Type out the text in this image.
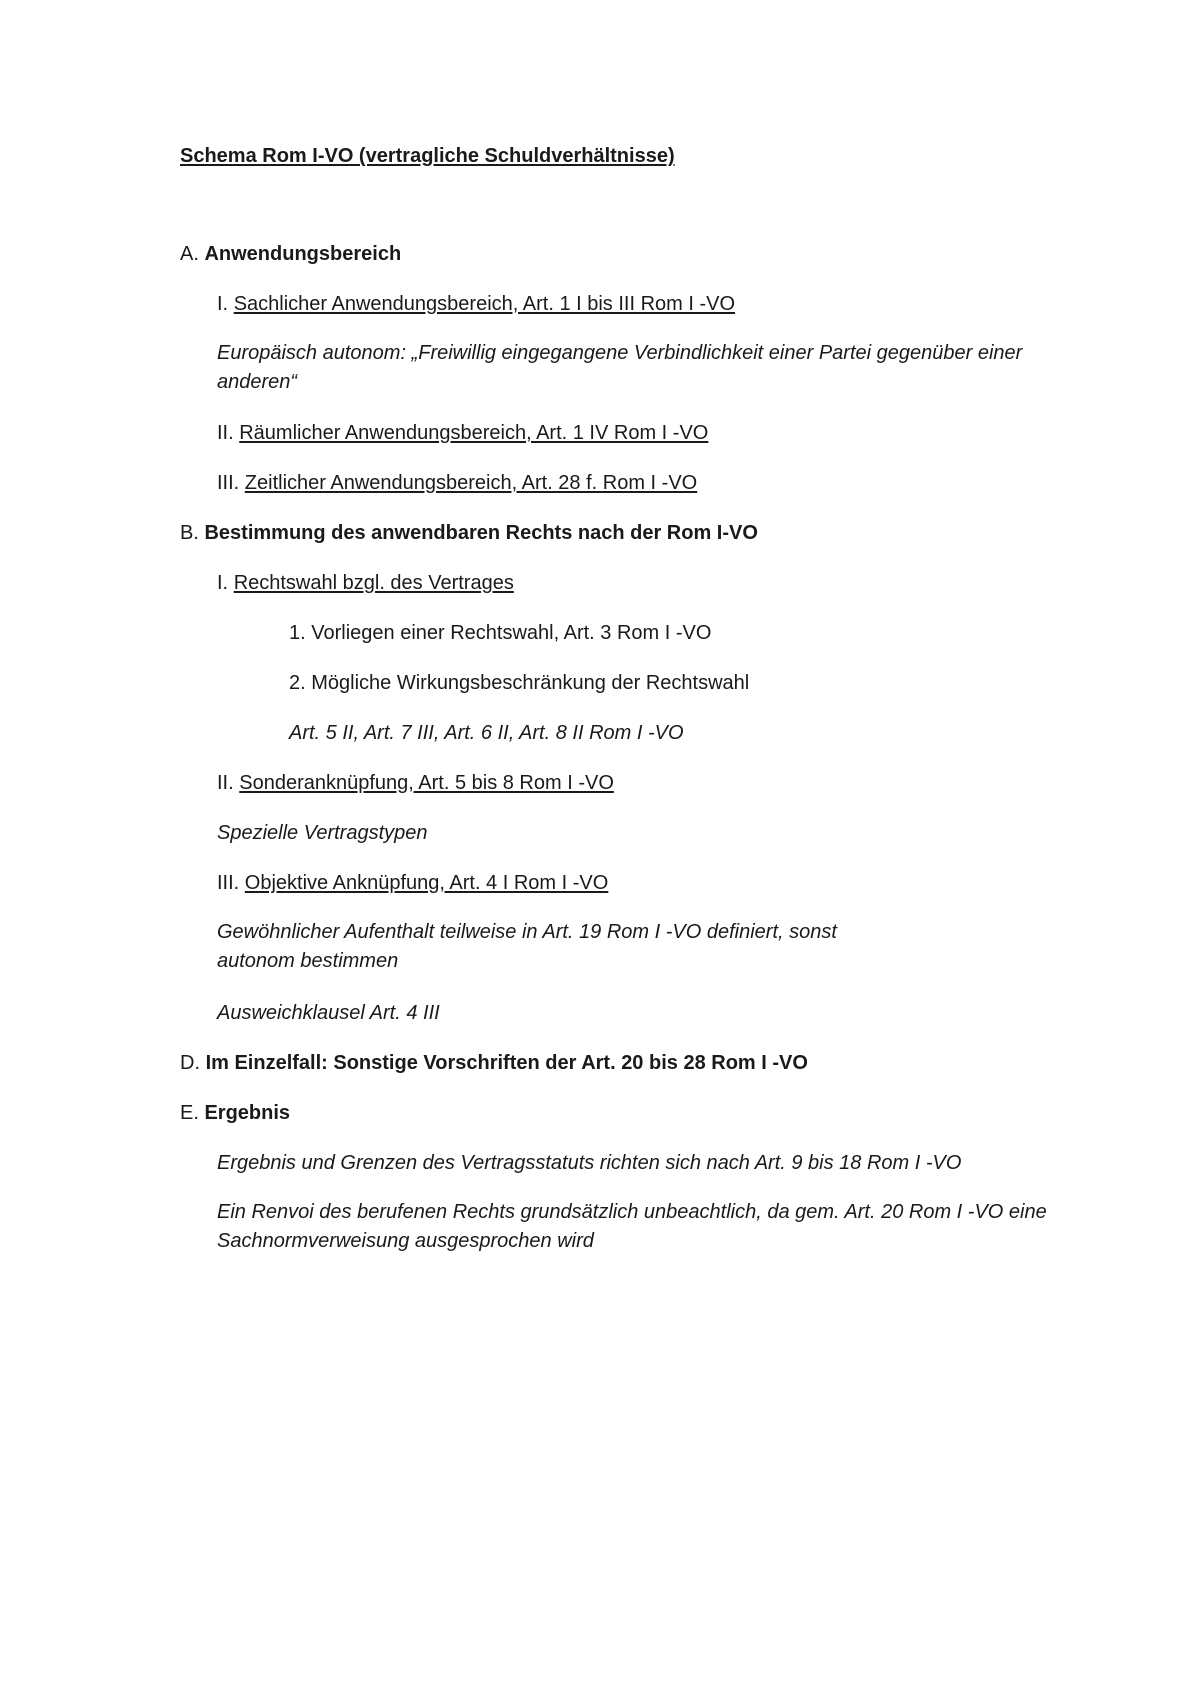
Schema Rom I-VO (vertragliche Schuldverhältnisse)
A. Anwendungsbereich
I. Sachlicher Anwendungsbereich, Art. 1 I bis III Rom I -VO
Europäisch autonom: „Freiwillig eingegangene Verbindlichkeit einer Partei gegenüber einer anderen“
II. Räumlicher Anwendungsbereich, Art. 1 IV Rom I -VO
III. Zeitlicher Anwendungsbereich, Art. 28 f. Rom I -VO
B. Bestimmung des anwendbaren Rechts nach der Rom I-VO
I. Rechtswahl bzgl. des Vertrages
1. Vorliegen einer Rechtswahl, Art. 3 Rom I -VO
2. Mögliche Wirkungsbeschränkung der Rechtswahl
Art. 5 II, Art. 7 III, Art. 6 II, Art. 8 II Rom I -VO
II. Sonderanknüpfung, Art. 5 bis 8 Rom I -VO
Spezielle Vertragstypen
III. Objektive Anknüpfung, Art. 4 I Rom I -VO
Gewöhnlicher Aufenthalt teilweise in Art. 19 Rom I -VO definiert, sonst
autonom bestimmen
Ausweichklausel Art. 4 III
D. Im Einzelfall: Sonstige Vorschriften der Art. 20 bis 28 Rom I -VO
E. Ergebnis
Ergebnis und Grenzen des Vertragsstatuts richten sich nach Art. 9 bis 18 Rom I -VO
Ein Renvoi des berufenen Rechts grundsätzlich unbeachtlich, da gem. Art. 20 Rom I -VO eine Sachnormverweisung ausgesprochen wird
